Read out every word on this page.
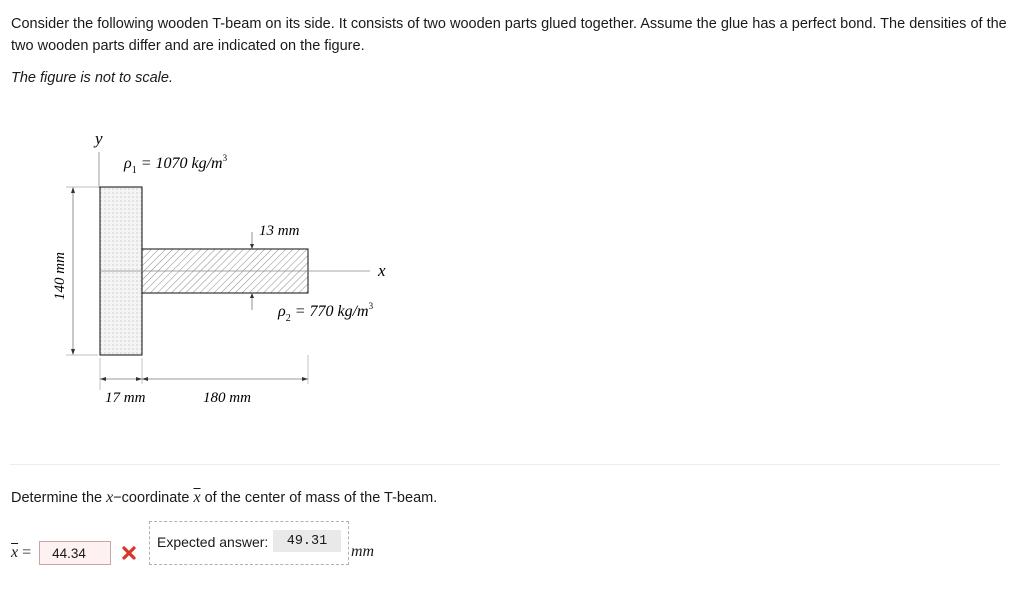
Consider the following wooden T-beam on its side. It consists of two wooden parts glued together. Assume the glue has a perfect bond. The densities of the two wooden parts differ and are indicated on the figure.
The figure is not to scale.
y
$\rho_1 = 1070$ $kg/m^3$
x
13 mm
$\rho_2 = 770$ $kg/m^3$
140 mm
17 mm	180 mm
Determine the x−coordinate $\overline{x}$ of the center of mass of the T-beam.
$\overline{x}$ =	44.34
Expected answer:	49.31
mm
